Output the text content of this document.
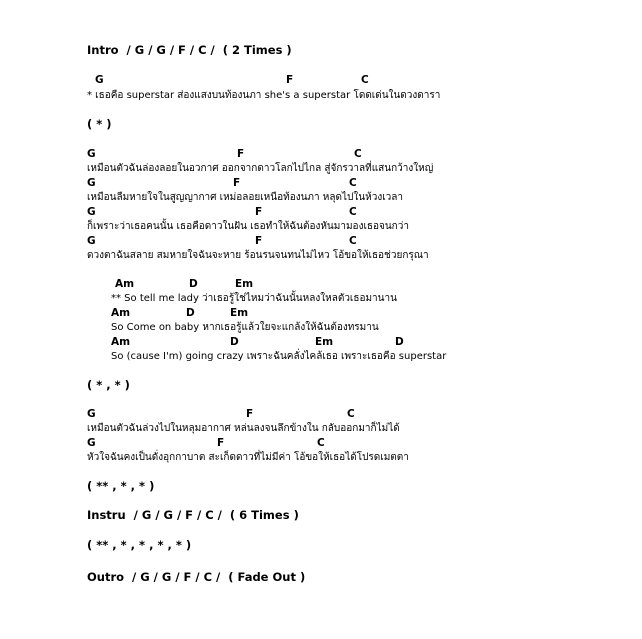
Intro  / G / G / F / C /  ( 2 Times )
G	F	C
* เธอคือ superstar ส่องแสงบนท้องนภา she's a superstar โดดเด่นในดวงดารา
( * )
G	F	C
เหมือนตัวฉันล่องลอยในอวกาศ ออกจากดาวโลกไปไกล สู่จักรวาลที่แสนกว้างใหญ่
G	F	C
เหมือนลืมหายใจในสูญญากาศ เหม่อลอยเหนือท้องนภา หลุดไปในห้วงเวลา
G	F	C
ก็เพราะว่าเธอคนนั้น เธอคือดาวในฝัน เธอทำให้ฉันต้องหันมามองเธอจนกว่า
G	F	C
ดวงตาฉันสลาย สมหายใจฉันจะหาย ร้อนรนจนทนไม่ไหว โอ้ขอให้เธอช่วยกรุณา
Am	D	Em
** So tell me lady ว่าเธอรู้ใช่ไหมว่าฉันนั้นหลงใหลตัวเธอมานาน
Am	D	Em
So Come on baby หากเธอรู้แล้วใยจะแกล้งให้ฉันต้องทรมาน
Am	D	Em	D
So (cause I'm) going crazy เพราะฉันคลั่งไคล้เธอ เพราะเธอคือ superstar
( * , * )
G	F	C
เหมือนตัวฉันล่วงไปในหลุมอากาศ หล่นลงจนลึกข้างใน กลับออกมาก็ไม่ได้
G	F	C
หัวใจฉันคงเป็นดั่งอุกกาบาต สะเก็ดดาวที่ไม่มีค่า โอ้ขอให้เธอได้โปรดเมตตา
( ** , * , * )
Instru  / G / G / F / C /  ( 6 Times )
( ** , * , * , * , * )
Outro  / G / G / F / C /  ( Fade Out )
